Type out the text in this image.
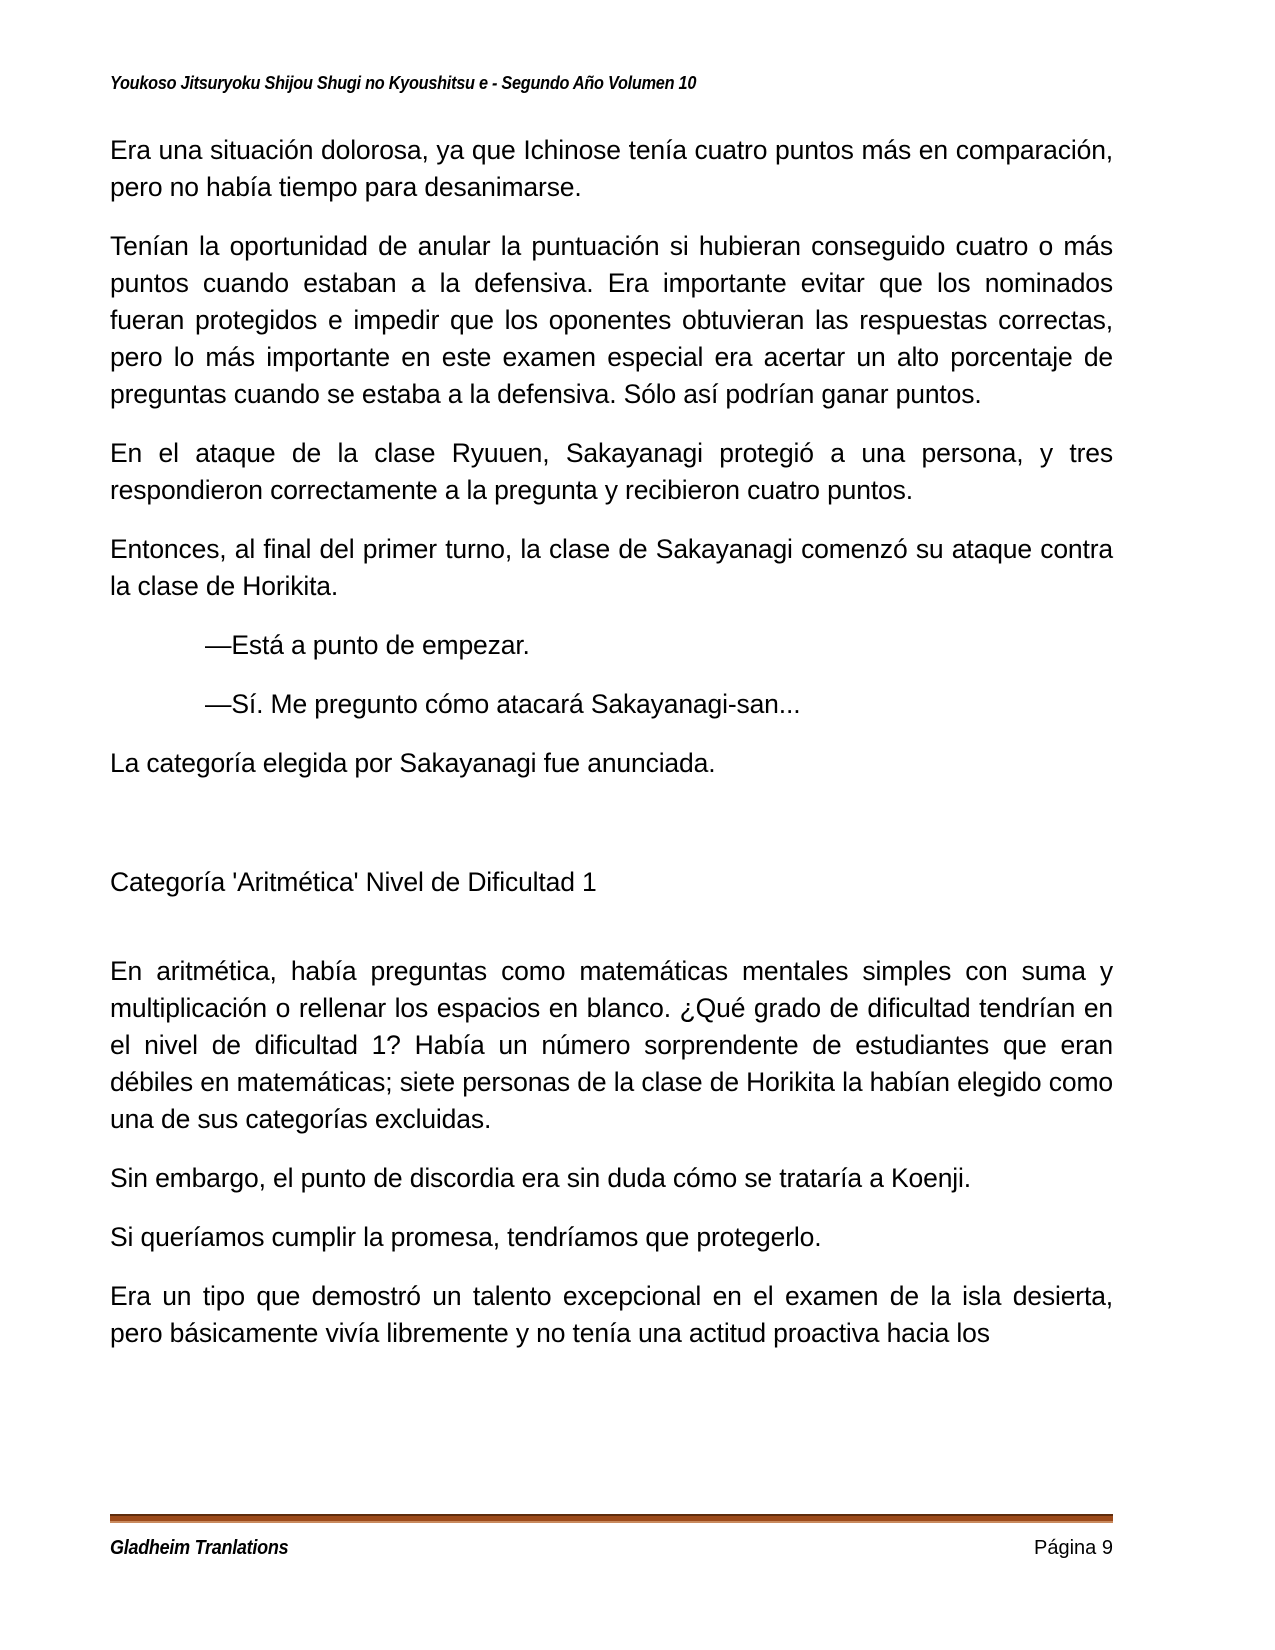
Youkoso Jitsuryoku Shijou Shugi no Kyoushitsu e - Segundo Año Volumen 10

Era una situación dolorosa, ya que Ichinose tenía cuatro puntos más en comparación, pero no había tiempo para desanimarse.

Tenían la oportunidad de anular la puntuación si hubieran conseguido cuatro o más puntos cuando estaban a la defensiva. Era importante evitar que los nominados fueran protegidos e impedir que los oponentes obtuvieran las respuestas correctas, pero lo más importante en este examen especial era acertar un alto porcentaje de preguntas cuando se estaba a la defensiva. Sólo así podrían ganar puntos.

En el ataque de la clase Ryuuen, Sakayanagi protegió a una persona, y tres respondieron correctamente a la pregunta y recibieron cuatro puntos.

Entonces, al final del primer turno, la clase de Sakayanagi comenzó su ataque contra la clase de Horikita.

—Está a punto de empezar.

—Sí. Me pregunto cómo atacará Sakayanagi-san...

La categoría elegida por Sakayanagi fue anunciada.

Categoría 'Aritmética' Nivel de Dificultad 1

En aritmética, había preguntas como matemáticas mentales simples con suma y multiplicación o rellenar los espacios en blanco. ¿Qué grado de dificultad tendrían en el nivel de dificultad 1? Había un número sorprendente de estudiantes que eran débiles en matemáticas; siete personas de la clase de Horikita la habían elegido como una de sus categorías excluidas.

Sin embargo, el punto de discordia era sin duda cómo se trataría a Koenji.

Si queríamos cumplir la promesa, tendríamos que protegerlo.

Era un tipo que demostró un talento excepcional en el examen de la isla desierta, pero básicamente vivía libremente y no tenía una actitud proactiva hacia los

Gladheim Tranlations	Página 9
